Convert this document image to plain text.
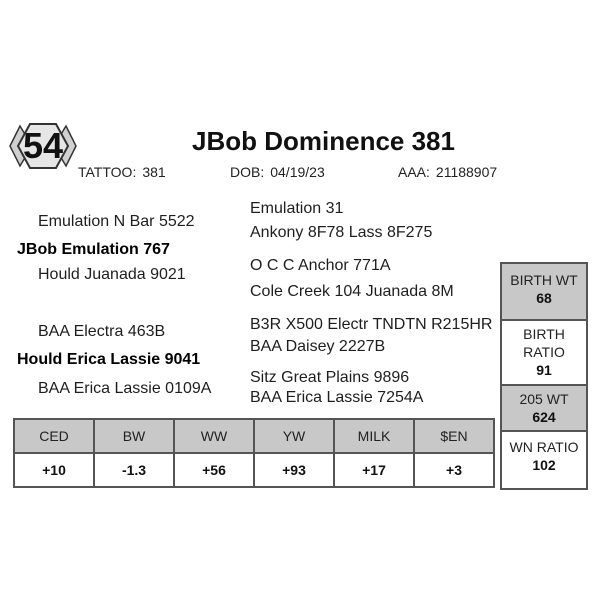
54	JBob Dominence 381
TATTOO: 381	DOB: 04/19/23	AAA: 21188907
Emulation N Bar 5522
JBob Emulation 767
Hould Juanada 9021
BAA Electra 463B
Hould Erica Lassie 9041
BAA Erica Lassie 0109A
Emulation 31
Ankony 8F78 Lass 8F275
O C C Anchor 771A
Cole Creek 104 Juanada 8M
B3R X500 Electr TNDTN R215HR
BAA Daisey 2227B
Sitz Great Plains 9896
BAA Erica Lassie 7254A
CED	BW	WW	YW	MILK	$EN
+10	-1.3	+56	+93	+17	+3
BIRTH WT
68
BIRTH RATIO
91
205 WT
624
WN RATIO
102
